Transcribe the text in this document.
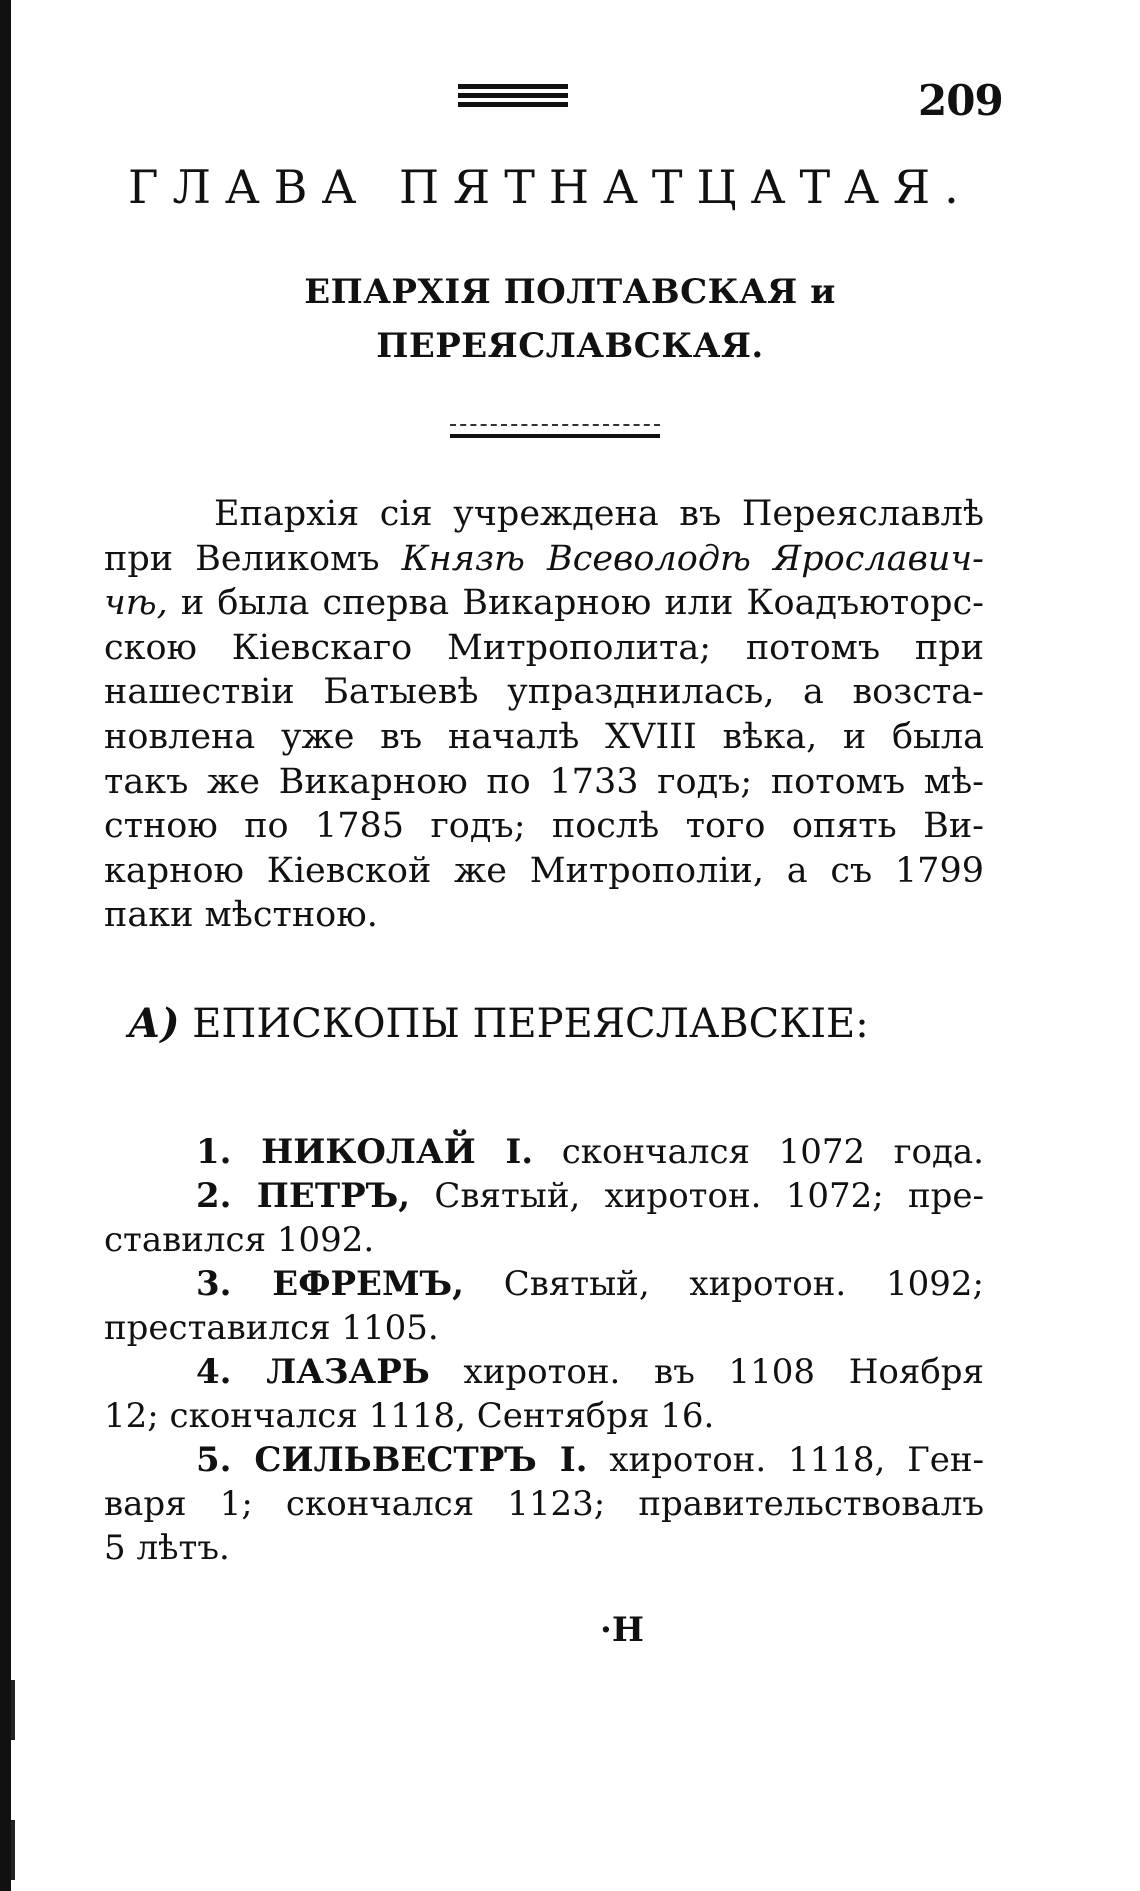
209
ГЛАВА ПЯТНАТЦАТАЯ.
ЕПАРХІЯ ПОЛТАВСКАЯ и
ПЕРЕЯСЛАВСКАЯ.
Епархія сія учреждена въ Переяславлѣ
при Великомъ Князѣ Всеволодѣ Ярославич-
чѣ, и была сперва Викарною или Коадъюторс-
скою Кіевскаго Митрополита; потомъ при
нашествіи Батыевѣ упразднилась, а возста-
новлена уже въ началѣ XVIII вѣка, и была
такъ же Викарною по 1733 годъ; потомъ мѣ-
стною по 1785 годъ; послѣ того опять Ви-
карною Кіевской же Митрополіи, а съ 1799
паки мѣстною.
А) ЕПИСКОПЫ ПЕРЕЯСЛАВСКІЕ:
1. НИКОЛАЙ I. скончался 1072 года.
2. ПЕТРЪ, Святый, хиротон. 1072; пре-
ставился 1092.
3. ЕФРЕМЪ, Святый, хиротон. 1092;
преставился 1105.
4. ЛАЗАРЬ хиротон. въ 1108 Ноября
12; скончался 1118, Сентября 16.
5. СИЛЬВЕСТРЪ I. хиротон. 1118, Ген-
варя 1; скончался 1123; правительствовалъ
5 лѣтъ.
·Н
